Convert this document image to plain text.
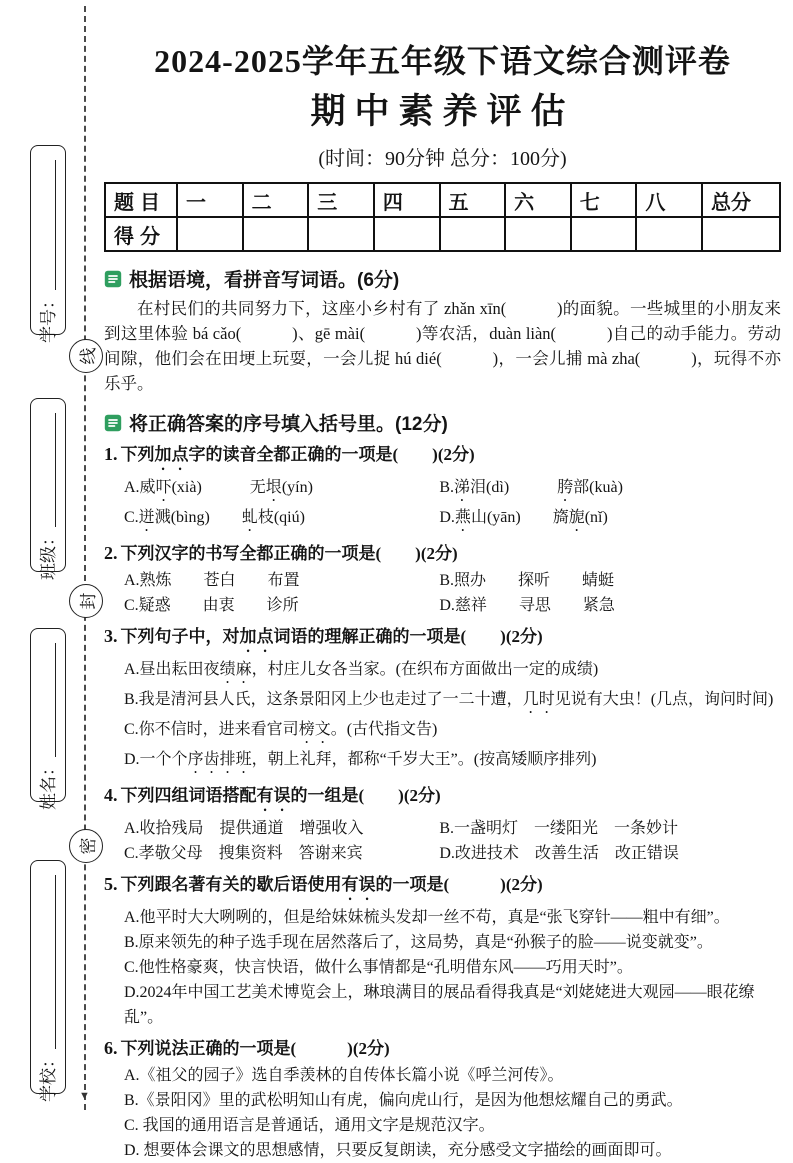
▼
学号：
班级：
姓名：
学校：
线
封
密
2024-2025学年五年级下语文综合测评卷
期中素养评估
(时间：90分钟 总分：100分)
题目	一	二	三	四	五	六	七	八	总分
得分									
根据语境，看拼音写词语。(6分)
在村民们的共同努力下，这座小乡村有了 zhǎn xīn(　　　)的面貌。一些城里的小朋友来到这里体验 bá cǎo(　　　)、gē mài(　　　)等农活，duàn liàn(　　　)自己的动手能力。劳动间隙，他们会在田埂上玩耍，一会儿捉 hú dié(　　　)，一会儿捕 mà zha(　　　)，玩得不亦乐乎。
将正确答案的序号填入括号里。(12分)
1. 下列加点字的读音全都正确的一项是(　　)(2分)
A.威吓(xià)　　　无垠(yín)	B.涕泪(dì)　　　胯部(kuà)
C.迸溅(bìng)　　虬枝(qiú)	D.燕山(yān)　　旖旎(nǐ)
2. 下列汉字的书写全都正确的一项是(　　)(2分)
A.熟炼　　苍白　　布置	B.照办　　探听　　蜻蜓
C.疑惑　　由衷　　诊所	D.慈祥　　寻思　　紧急
3. 下列句子中，对加点词语的理解正确的一项是(　　)(2分)
A.昼出耘田夜绩麻，村庄儿女各当家。(在织布方面做出一定的成绩)
B.我是清河县人氏，这条景阳冈上少也走过了一二十遭，几时见说有大虫！(几点，询问时间)
C.你不信时，进来看官司榜文。(古代指文告)
D.一个个序齿排班，朝上礼拜，都称“千岁大王”。(按高矮顺序排列)
4. 下列四组词语搭配有误的一组是(　　)(2分)
A.收拾残局　提供通道　增强收入	B.一盏明灯　一缕阳光　一条妙计
C.孝敬父母　搜集资料　答谢来宾	D.改进技术　改善生活　改正错误
5. 下列跟名著有关的歇后语使用有误的一项是(　　　)(2分)
A.他平时大大咧咧的，但是给妹妹梳头发却一丝不苟，真是“张飞穿针——粗中有细”。
B.原来领先的种子选手现在居然落后了，这局势，真是“孙猴子的脸——说变就变”。
C.他性格豪爽，快言快语，做什么事情都是“孔明借东风——巧用天时”。
D.2024年中国工艺美术博览会上，琳琅满目的展品看得我真是“刘姥姥进大观园——眼花缭乱”。
6. 下列说法正确的一项是(　　　)(2分)
A.《祖父的园子》选自季羡林的自传体长篇小说《呼兰河传》。
B.《景阳冈》里的武松明知山有虎，偏向虎山行，是因为他想炫耀自己的勇武。
C. 我国的通用语言是普通话，通用文字是规范汉字。
D. 想要体会课文的思想感情，只要反复朗读，充分感受文字描绘的画面即可。
